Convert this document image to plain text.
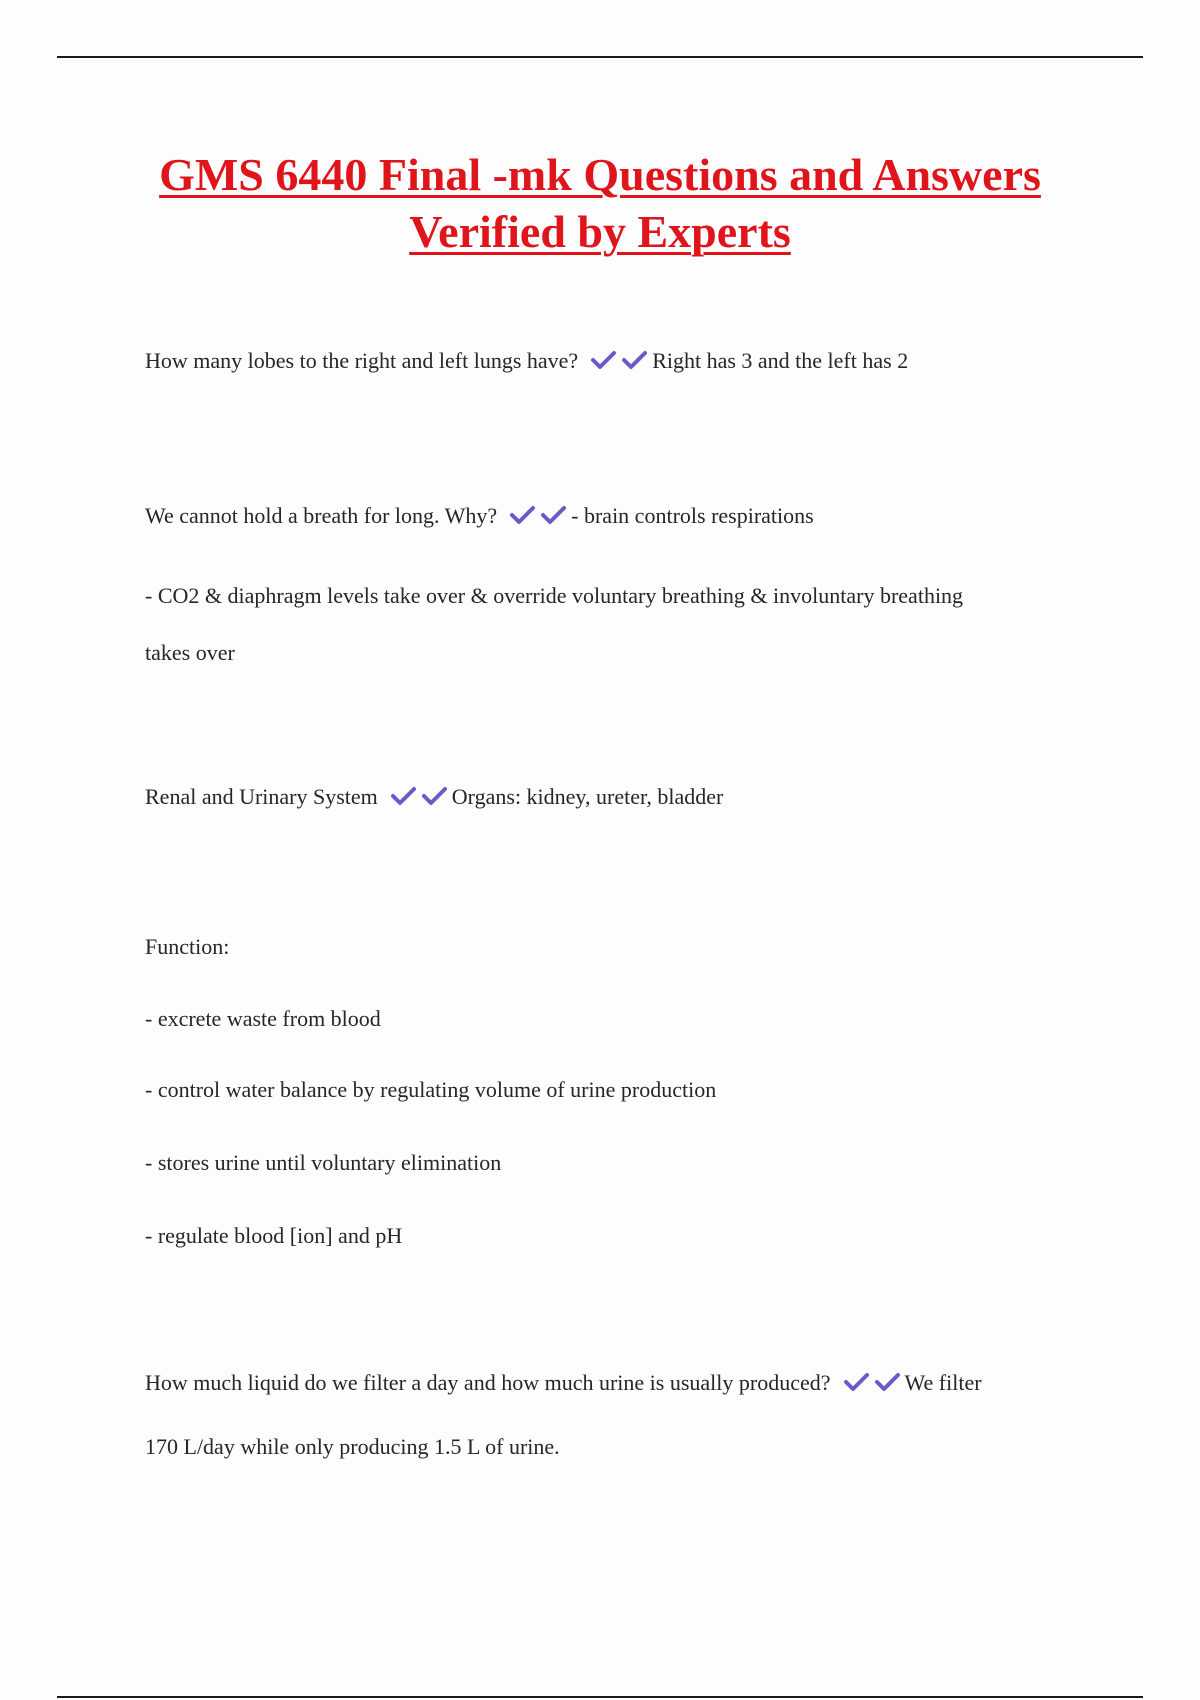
GMS 6440 Final -mk Questions and Answers
Verified by Experts
How many lobes to the right and left lungs have?	Right has 3 and the left has 2
We cannot hold a breath for long. Why?	- brain controls respirations
- CO2 & diaphragm levels take over & override voluntary breathing & involuntary breathing
takes over
Renal and Urinary System	Organs: kidney, ureter, bladder
Function:
- excrete waste from blood
- control water balance by regulating volume of urine production
- stores urine until voluntary elimination
- regulate blood [ion] and pH
How much liquid do we filter a day and how much urine is usually produced?	We filter
170 L/day while only producing 1.5 L of urine.
